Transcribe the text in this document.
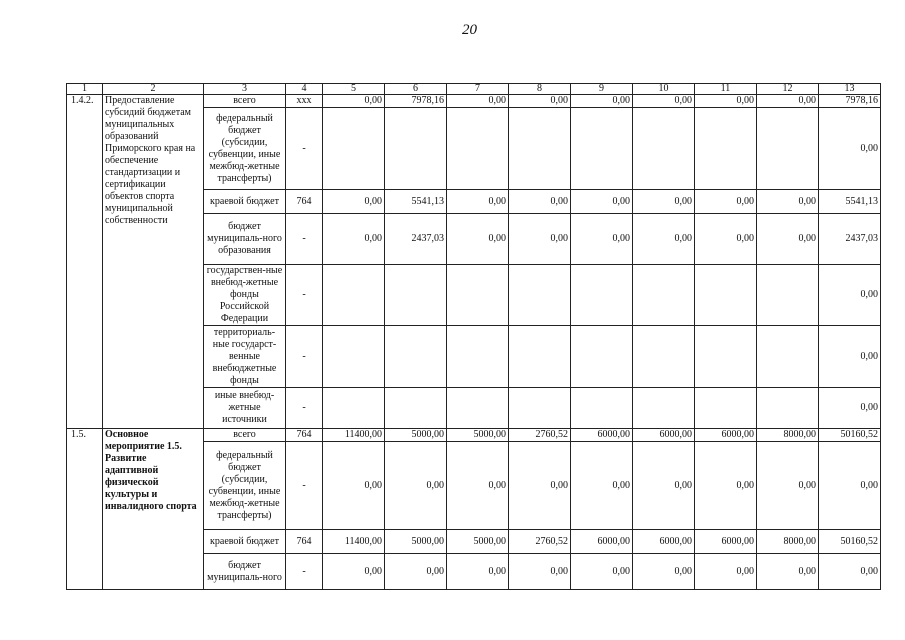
20
1	2	3	4	5	6	7	8	9	10	11	12	13
1.4.2.	Предоставление субсидий бюджетам муниципальных образований Приморского края на обеспечение стандартизации и сертификации объектов спорта муниципальной собственности	всего	xxx	0,00	7978,16	0,00	0,00	0,00	0,00	0,00	0,00	7978,16
		федеральный бюджет (субсидии, субвенции, иные межбюд-жетные трансферты)	-									0,00
		краевой бюджет	764	0,00	5541,13	0,00	0,00	0,00	0,00	0,00	0,00	5541,13
		бюджет муниципаль-ного образования	-	0,00	2437,03	0,00	0,00	0,00	0,00	0,00	0,00	2437,03
		государствен-ные внебюд-жетные фонды Российской Федерации	-									0,00
		территориаль-ные государст-венные внебюджетные фонды	-									0,00
		иные внебюд-жетные источники	-									0,00
1.5.	Основное мероприятие 1.5. Развитие адаптивной физической культуры и инвалидного спорта	всего	764	11400,00	5000,00	5000,00	2760,52	6000,00	6000,00	6000,00	8000,00	50160,52
		федеральный бюджет (субсидии, субвенции, иные межбюд-жетные трансферты)	-	0,00	0,00	0,00	0,00	0,00	0,00	0,00	0,00	0,00
		краевой бюджет	764	11400,00	5000,00	5000,00	2760,52	6000,00	6000,00	6000,00	8000,00	50160,52
		бюджет муниципаль-ного	-	0,00	0,00	0,00	0,00	0,00	0,00	0,00	0,00	0,00
